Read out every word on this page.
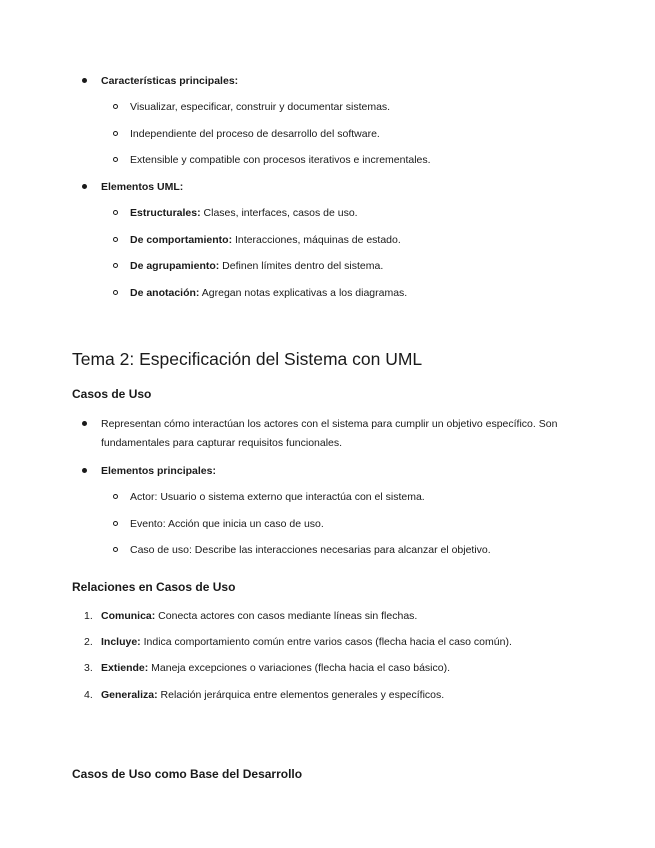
Características principales:
Visualizar, especificar, construir y documentar sistemas.
Independiente del proceso de desarrollo del software.
Extensible y compatible con procesos iterativos e incrementales.
Elementos UML:
Estructurales: Clases, interfaces, casos de uso.
De comportamiento: Interacciones, máquinas de estado.
De agrupamiento: Definen límites dentro del sistema.
De anotación: Agregan notas explicativas a los diagramas.
Tema 2: Especificación del Sistema con UML
Casos de Uso
Representan cómo interactúan los actores con el sistema para cumplir un objetivo específico. Son
fundamentales para capturar requisitos funcionales.
Elementos principales:
Actor: Usuario o sistema externo que interactúa con el sistema.
Evento: Acción que inicia un caso de uso.
Caso de uso: Describe las interacciones necesarias para alcanzar el objetivo.
Relaciones en Casos de Uso
1. Comunica: Conecta actores con casos mediante líneas sin flechas.
2. Incluye: Indica comportamiento común entre varios casos (flecha hacia el caso común).
3. Extiende: Maneja excepciones o variaciones (flecha hacia el caso básico).
4. Generaliza: Relación jerárquica entre elementos generales y específicos.
Casos de Uso como Base del Desarrollo
